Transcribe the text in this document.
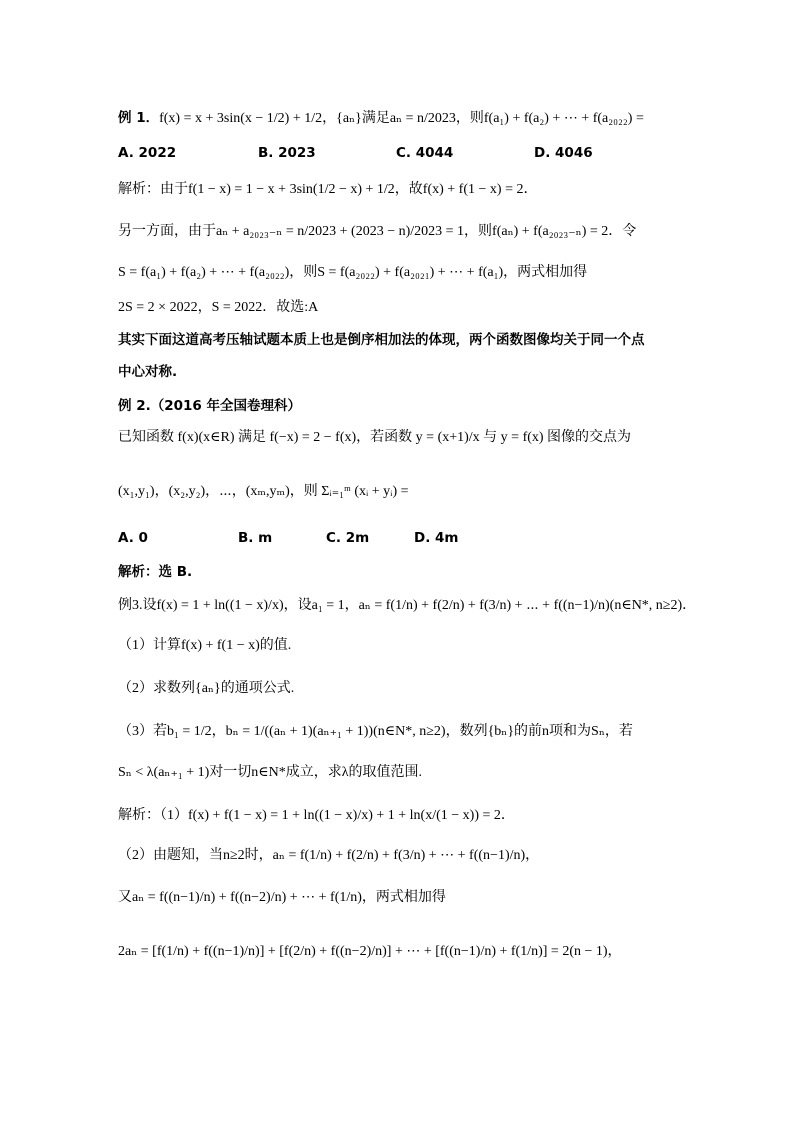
例 1．f(x) = x + 3sin(x − 1/2) + 1/2，{aₙ}满足aₙ = n/2023，则f(a₁) + f(a₂) + ⋯ + f(a₂₀₂₂) =
A. 2022	B. 2023	C. 4044	D. 4046
解析：由于f(1 − x) = 1 − x + 3sin(1/2 − x) + 1/2，故f(x) + f(1 − x) = 2．
另一方面，由于aₙ + a₂₀₂₃₋ₙ = n/2023 + (2023 − n)/2023 = 1，则f(aₙ) + f(a₂₀₂₃₋ₙ) = 2．令
S = f(a₁) + f(a₂) + ⋯ + f(a₂₀₂₂)，则S = f(a₂₀₂₂) + f(a₂₀₂₁) + ⋯ + f(a₁)，两式相加得
2S = 2 × 2022，S = 2022．故选:A
其实下面这道高考压轴试题本质上也是倒序相加法的体现，两个函数图像均关于同一个点
中心对称.
例 2.（2016 年全国卷理科）
已知函数 f(x)(x∈R) 满足 f(−x) = 2 − f(x)，若函数 y = (x+1)/x 与 y = f(x) 图像的交点为
(x₁,y₁)，(x₂,y₂)，⋯，(xₘ,yₘ)，则 Σᵢ₌₁ᵐ (xᵢ + yᵢ) =
A. 0	B. m	C. 2m	D. 4m
解析：选 B.
例3.设f(x) = 1 + ln((1 − x)/x)，设a₁ = 1，aₙ = f(1/n) + f(2/n) + f(3/n) + ⋯ + f((n−1)/n)(n∈N*, n≥2)．
（1）计算f(x) + f(1 − x)的值.
（2）求数列{aₙ}的通项公式.
（3）若b₁ = 1/2，bₙ = 1/((aₙ + 1)(aₙ₊₁ + 1))(n∈N*, n≥2)，数列{bₙ}的前n项和为Sₙ，若
Sₙ < λ(aₙ₊₁ + 1)对一切n∈N*成立，求λ的取值范围.
解析：（1）f(x) + f(1 − x) = 1 + ln((1 − x)/x) + 1 + ln(x/(1 − x)) = 2．
（2）由题知，当n≥2时，aₙ = f(1/n) + f(2/n) + f(3/n) + ⋯ + f((n−1)/n)，
又aₙ = f((n−1)/n) + f((n−2)/n) + ⋯ + f(1/n)，两式相加得
2aₙ = [f(1/n) + f((n−1)/n)] + [f(2/n) + f((n−2)/n)] + ⋯ + [f((n−1)/n) + f(1/n)] = 2(n − 1)，
